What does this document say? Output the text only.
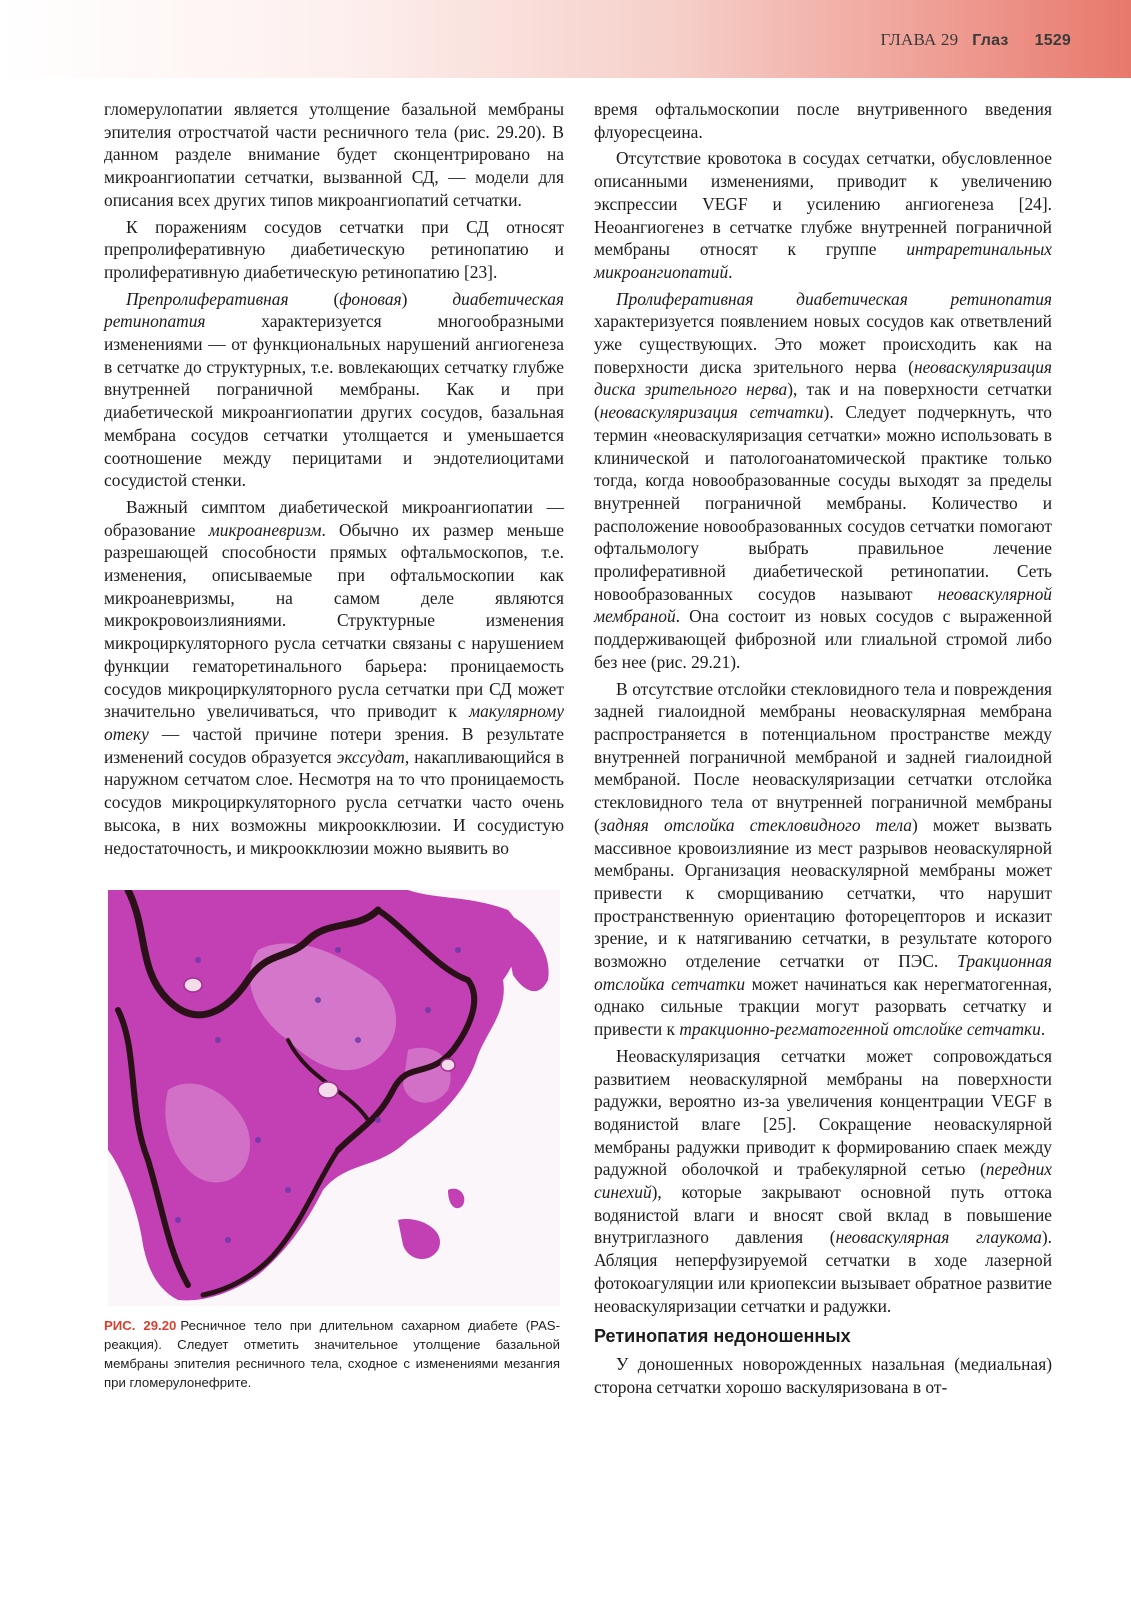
ГЛАВА 29 Глаз 1529

гломерулопатии является утолщение базальной мембраны эпителия отростчатой части ресничного тела (рис. 29.20). В данном разделе внимание будет сконцентрировано на микроангиопатии сетчатки, вызванной СД, — модели для описания всех других типов микроангиопатий сетчатки.

К поражениям сосудов сетчатки при СД относят препролиферативную диабетическую ретинопатию и пролиферативную диабетическую ретинопатию [23].

Препролиферативная (фоновая) диабетическая ретинопатия характеризуется многообразными изменениями — от функциональных нарушений ангиогенеза в сетчатке до структурных, т.е. вовлекающих сетчатку глубже внутренней пограничной мембраны. Как и при диабетической микроангиопатии других сосудов, базальная мембрана сосудов сетчатки утолщается и уменьшается соотношение между перицитами и эндотелиоцитами сосудистой стенки.

Важный симптом диабетической микроангиопатии — образование микроаневризм. Обычно их размер меньше разрешающей способности прямых офтальмоскопов, т.е. изменения, описываемые при офтальмоскопии как микроаневризмы, на самом деле являются микрокровоизлияниями. Структурные изменения микроциркуляторного русла сетчатки связаны с нарушением функции гематоретинального барьера: проницаемость сосудов микроциркуляторного русла сетчатки при СД может значительно увеличиваться, что приводит к макулярному отеку — частой причине потери зрения. В результате изменений сосудов образуется экссудат, накапливающийся в наружном сетчатом слое. Несмотря на то что проницаемость сосудов микроциркуляторного русла сетчатки часто очень высока, в них возможны микроокклюзии. И сосудистую недостаточность, и микроокклюзии можно выявить во

время офтальмоскопии после внутривенного введения флуоресцеина.

Отсутствие кровотока в сосудах сетчатки, обусловленное описанными изменениями, приводит к увеличению экспрессии VEGF и усилению ангиогенеза [24]. Неоангиогенез в сетчатке глубже внутренней пограничной мембраны относят к группе интраретинальных микроангиопатий.

Пролиферативная диабетическая ретинопатия характеризуется появлением новых сосудов как ответвлений уже существующих. Это может происходить как на поверхности диска зрительного нерва (неоваскуляризация диска зрительного нерва), так и на поверхности сетчатки (неоваскуляризация сетчатки). Следует подчеркнуть, что термин «неоваскуляризация сетчатки» можно использовать в клинической и патологоанатомической практике только тогда, когда новообразованные сосуды выходят за пределы внутренней пограничной мембраны. Количество и расположение новообразованных сосудов сетчатки помогают офтальмологу выбрать правильное лечение пролиферативной диабетической ретинопатии. Сеть новообразованных сосудов называют неоваскулярной мембраной. Она состоит из новых сосудов с выраженной поддерживающей фиброзной или глиальной стромой либо без нее (рис. 29.21).

В отсутствие отслойки стекловидного тела и повреждения задней гиалоидной мембраны неоваскулярная мембрана распространяется в потенциальном пространстве между внутренней пограничной мембраной и задней гиалоидной мембраной. После неоваскуляризации сетчатки отслойка стекловидного тела от внутренней пограничной мембраны (задняя отслойка стекловидного тела) может вызвать массивное кровоизлияние из мест разрывов неоваскулярной мембраны. Организация неоваскулярной мембраны может привести к сморщиванию сетчатки, что нарушит пространственную ориентацию фоторецепторов и исказит зрение, и к натягиванию сетчатки, в результате которого возможно отделение сетчатки от ПЭС. Тракционная отслойка сетчатки может начинаться как нерегматогенная, однако сильные тракции могут разорвать сетчатку и привести к тракционно-регматогенной отслойке сетчатки.

Неоваскуляризация сетчатки может сопровождаться развитием неоваскулярной мембраны на поверхности радужки, вероятно из-за увеличения концентрации VEGF в водянистой влаге [25]. Сокращение неоваскулярной мембраны радужки приводит к формированию спаек между радужной оболочкой и трабекулярной сетью (передних синехий), которые закрывают основной путь оттока водянистой влаги и вносят свой вклад в повышение внутриглазного давления (неоваскулярная глаукома). Абляция неперфузируемой сетчатки в ходе лазерной фотокоагуляции или криопексии вызывает обратное развитие неоваскуляризации сетчатки и радужки.

Ретинопатия недоношенных

У доношенных новорожденных назальная (медиальная) сторона сетчатки хорошо васкуляризована в от-

РИС. 29.20 Ресничное тело при длительном сахарном диабете (PAS-реакция). Следует отметить значительное утолщение базальной мембраны эпителия ресничного тела, сходное с изменениями мезангия при гломерулонефрите.
